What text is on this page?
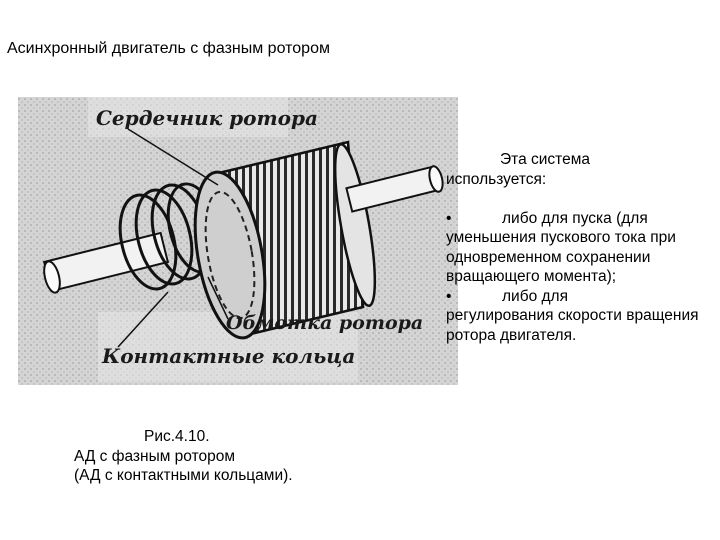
Асинхронный двигатель с фазным ротором
Сердечник ротора
Обмотка ротора
Контактные кольца

Эта система

используется:

•	либо для пуска (для

уменьшения пускового тока при одновременном сохранении вращающего момента);

•	либо для

регулирования скорости вращения ротора двигателя.

Рис.4.10.
АД с фазным ротором
(АД с контактными кольцами).
